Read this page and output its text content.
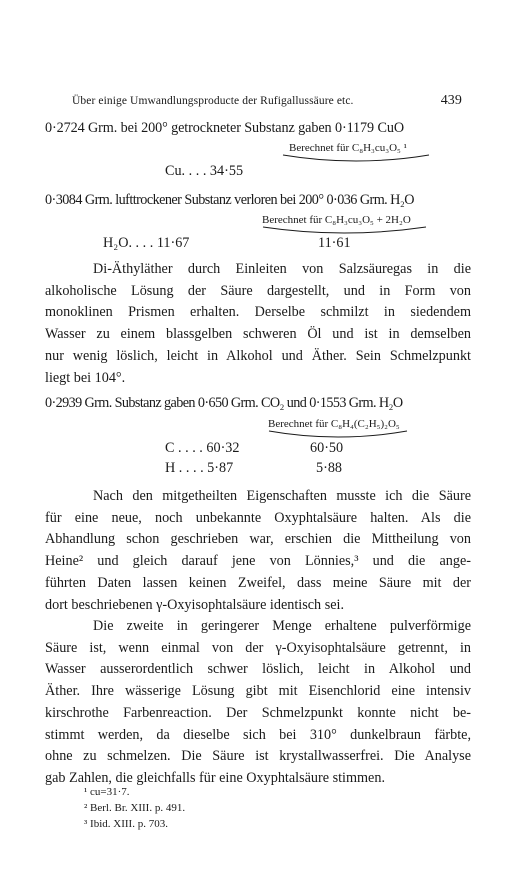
Über einige Umwandlungsproducte der Rufigallussäure etc.	439
0·2724 Grm. bei 200° getrockneter Substanz gaben 0·1179 CuO
Berechnet für C₈H₃cu₃O₅ ¹
Cu. . . . 34·55
0·3084 Grm. lufttrockener Substanz verloren bei 200° 0·036 Grm. H₂O
Berechnet für C₈H₃cu₃O₅ + 2H₂O
H₂O. . . . 11·67	11·61
Di-Äthyläther durch Einleiten von Salzsäuregas in die
alkoholische Lösung der Säure dargestellt, und in Form von
monoklinen Prismen erhalten. Derselbe schmilzt in siedendem
Wasser zu einem blassgelben schweren Öl und ist in demselben
nur wenig löslich, leicht in Alkohol und Äther. Sein Schmelzpunkt
liegt bei 104°.
0·2939 Grm. Substanz gaben 0·650 Grm. CO₂ und 0·1553 Grm. H₂O
Berechnet für C₈H₄(C₂H₅)₂O₅
C . . . . 60·32	60·50
H . . . . 5·87	5·88
Nach den mitgetheilten Eigenschaften musste ich die Säure
für eine neue, noch unbekannte Oxyphtalsäure halten. Als die
Abhandlung schon geschrieben war, erschien die Mittheilung von
Heine² und gleich darauf jene von Lönnies,³ und die ange-
führten Daten lassen keinen Zweifel, dass meine Säure mit der
dort beschriebenen γ-Oxyisophtalsäure identisch sei.
Die zweite in geringerer Menge erhaltene pulverförmige
Säure ist, wenn einmal von der γ-Oxyisophtalsäure getrennt, in
Wasser ausserordentlich schwer löslich, leicht in Alkohol und
Äther. Ihre wässerige Lösung gibt mit Eisenchlorid eine intensiv
kirschrothe Farbenreaction. Der Schmelzpunkt konnte nicht be-
stimmt werden, da dieselbe sich bei 310° dunkelbraun färbte,
ohne zu schmelzen. Die Säure ist krystallwasserfrei. Die Analyse
gab Zahlen, die gleichfalls für eine Oxyphtalsäure stimmen.
¹ cu=31·7.
² Berl. Br. XIII. p. 491.
³ Ibid. XIII. p. 703.
